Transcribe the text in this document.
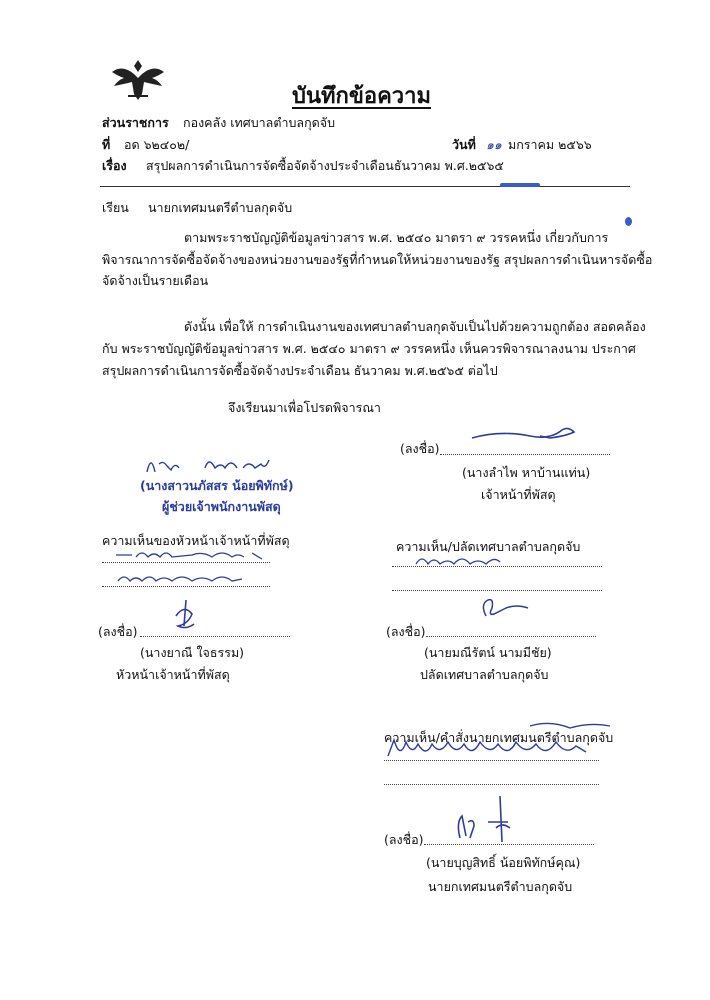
บันทึกข้อความ
ส่วนราชการ กองคลัง เทศบาลตำบลกุดจับ
ที่ อด ๖๒๔๐๒/	วันที่ ๑๑ มกราคม ๒๕๖๖
เรื่อง สรุปผลการดำเนินการจัดซื้อจัดจ้างประจำเดือนธันวาคม พ.ศ.๒๕๖๕
เรียน นายกเทศมนตรีตำบลกุดจับ
ตามพระราชบัญญัติข้อมูลข่าวสาร พ.ศ. ๒๕๔๐ มาตรา ๙ วรรคหนึ่ง เกี่ยวกับการ
พิจารณาการจัดซื้อจัดจ้างของหน่วยงานของรัฐที่กำหนดให้หน่วยงานของรัฐ สรุปผลการดำเนินหารจัดซื้อ
จัดจ้างเป็นรายเดือน
ดังนั้น เพื่อให้ การดำเนินงานของเทศบาลตำบลกุดจับเป็นไปด้วยความถูกต้อง สอดคล้อง
กับ พระราชบัญญัติข้อมูลข่าวสาร พ.ศ. ๒๕๔๐ มาตรา ๙ วรรคหนึ่ง เห็นควรพิจารณาลงนาม ประกาศ
สรุปผลการดำเนินการจัดซื้อจัดจ้างประจำเดือน ธันวาคม พ.ศ.๒๕๖๕ ต่อไป
จึงเรียนมาเพื่อโปรดพิจารณา
(ลงชื่อ)
(นางลำไพ หาบ้านแท่น)
เจ้าหน้าที่พัสดุ
(นางสาวนภัสสร น้อยพิทักษ์)
ผู้ช่วยเจ้าพนักงานพัสดุ
ความเห็นของหัวหน้าเจ้าหน้าที่พัสดุ
(ลงชื่อ)
(นางยาณี ใจธรรม)
หัวหน้าเจ้าหน้าที่พัสดุ
ความเห็น/ปลัดเทศบาลตำบลกุดจับ
(ลงชื่อ)
(นายมณีรัตน์ นามมีชัย)
ปลัดเทศบาลตำบลกุดจับ
ความเห็น/คำสั่งนายกเทศมนตรีตำบลกุดจับ
(ลงชื่อ)
(นายบุญสิทธิ์ น้อยพิทักษ์คุณ)
นายกเทศมนตรีตำบลกุดจับ
